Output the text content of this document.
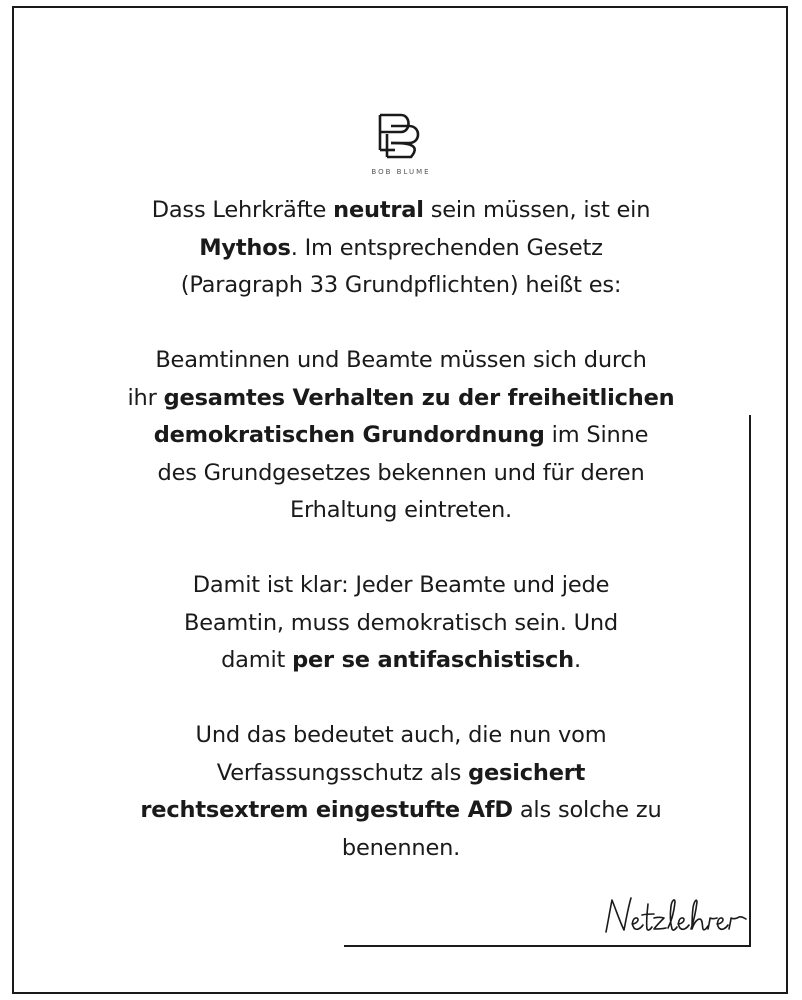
BOB BLUME

Dass Lehrkräfte neutral sein müssen, ist ein
Mythos. Im entsprechenden Gesetz
(Paragraph 33 Grundpflichten) heißt es:

Beamtinnen und Beamte müssen sich durch
ihr gesamtes Verhalten zu der freiheitlichen
demokratischen Grundordnung im Sinne
des Grundgesetzes bekennen und für deren
Erhaltung eintreten.

Damit ist klar: Jeder Beamte und jede
Beamtin, muss demokratisch sein. Und
damit per se antifaschistisch.

Und das bedeutet auch, die nun vom
Verfassungsschutz als gesichert
rechtsextrem eingestufte AfD als solche zu
benennen.

Netzlehrer
